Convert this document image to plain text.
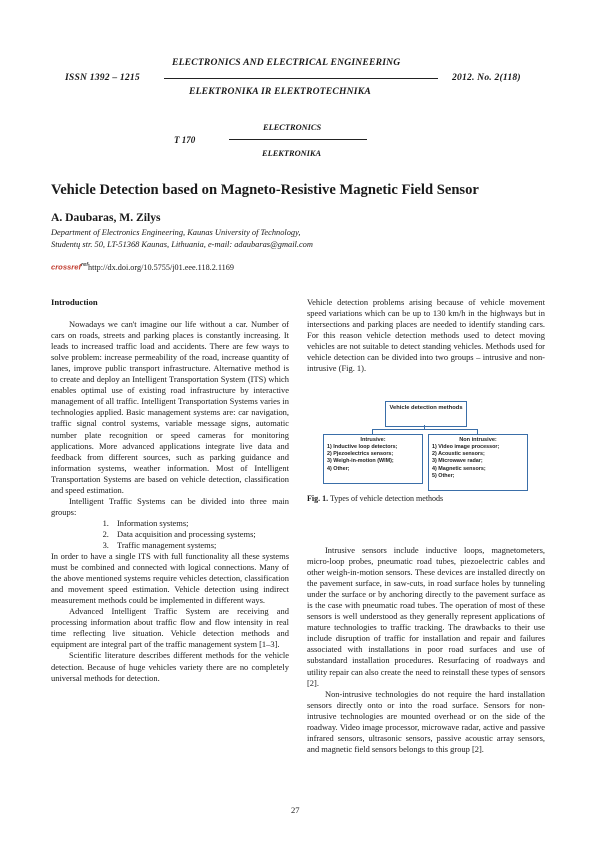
ELECTRONICS AND ELECTRICAL ENGINEERING
ISSN 1392 – 1215	2012. No. 2(118)
ELEKTRONIKA IR ELEKTROTECHNIKA
ELECTRONICS
T 170
ELEKTRONIKA
Vehicle Detection based on Magneto-Resistive Magnetic Field Sensor
A. Daubaras, M. Zilys
Department of Electronics Engineering, Kaunas University of Technology,
Studentų str. 50, LT-51368 Kaunas, Lithuania, e-mail: adaubaras@gmail.com
crossref$^{ref}$ http://dx.doi.org/10.5755/j01.eee.118.2.1169

Introduction

Nowadays we can't imagine our life without a car. Number of cars on roads, streets and parking places is constantly increasing. It leads to increased traffic load and accidents. There are few ways to solve problem: increase permeability of the road, increase quantity of lanes, improve public transport infrastructure. Alternative method is to create and deploy an Intelligent Transportation System (ITS) which enables optimal use of existing road infrastructure by interactive management of all traffic. Intelligent Transportation Systems varies in technologies applied. Basic management systems are: car navigation, traffic signal control systems, variable message signs, automatic number plate recognition or speed cameras for monitoring applications. More advanced applications integrate live data and feedback from different sources, such as parking guidance and information systems, weather information. Most of Intelligent Transportation Systems are based on vehicle detection, classification and speed estimation.

Intelligent Traffic Systems can be divided into three main groups:

1. Information systems;
2. Data acquisition and processing systems;
3. Traffic management systems;

In order to have a single ITS with full functionality all these systems must be combined and connected with logical connections. Many of the above mentioned systems require vehicles detection, classification and movement speed estimation. Vehicle detection using indirect measurement methods could be implemented in different ways.

Advanced Intelligent Traffic System are receiving and processing information about traffic flow and flow intensity in real time reflecting live situation. Vehicle detection methods and equipment are integral part of the traffic management system [1–3].

Scientific literature describes different methods for the vehicle detection. Because of huge vehicles variety there are no completely universal methods for detection.

Vehicle detection problems arising because of vehicle movement speed variations which can be up to 130 km/h in the highways but in intersections and parking places are needed to identify standing cars. For this reason vehicle detection methods used to detect moving vehicles are not suitable to detect standing vehicles. Methods used for vehicle detection can be divided into two groups – intrusive and non-intrusive (Fig. 1).

Vehicle detection methods
Intrusive:
1) Inductive loop detectors;
2) Pjezoelectrics sensors;
3) Weigh-in-motion (WIM);
4) Other;
Non intrusive:
1) Video image processor;
2) Acoustic sensors;
3) Microwave radar;
4) Magnetic sensors;
5) Other;
Fig. 1. Types of vehicle detection methods

Intrusive sensors include inductive loops, magnetometers, micro-loop probes, pneumatic road tubes, piezoelectric cables and other weigh-in-motion sensors. These devices are installed directly on the pavement surface, in saw-cuts, in road surface holes by tunneling under the surface or by anchoring directly to the pavement surface as is the case with pneumatic road tubes. The operation of most of these sensors is well understood as they generally represent applications of mature technologies to traffic tracking. The drawbacks to their use include disruption of traffic for installation and repair and failures associated with installations in poor road surfaces and use of substandard installation procedures. Resurfacing of roadways and utility repair can also create the need to reinstall these types of sensors [2].

Non-intrusive technologies do not require the hard installation sensors directly onto or into the road surface. Sensors for non-intrusive technologies are mounted overhead or on the side of the roadway. Video image processor, microwave radar, active and passive infrared sensors, ultrasonic sensors, passive acoustic array sensors, and magnetic field sensors belongs to this group [2].

27
